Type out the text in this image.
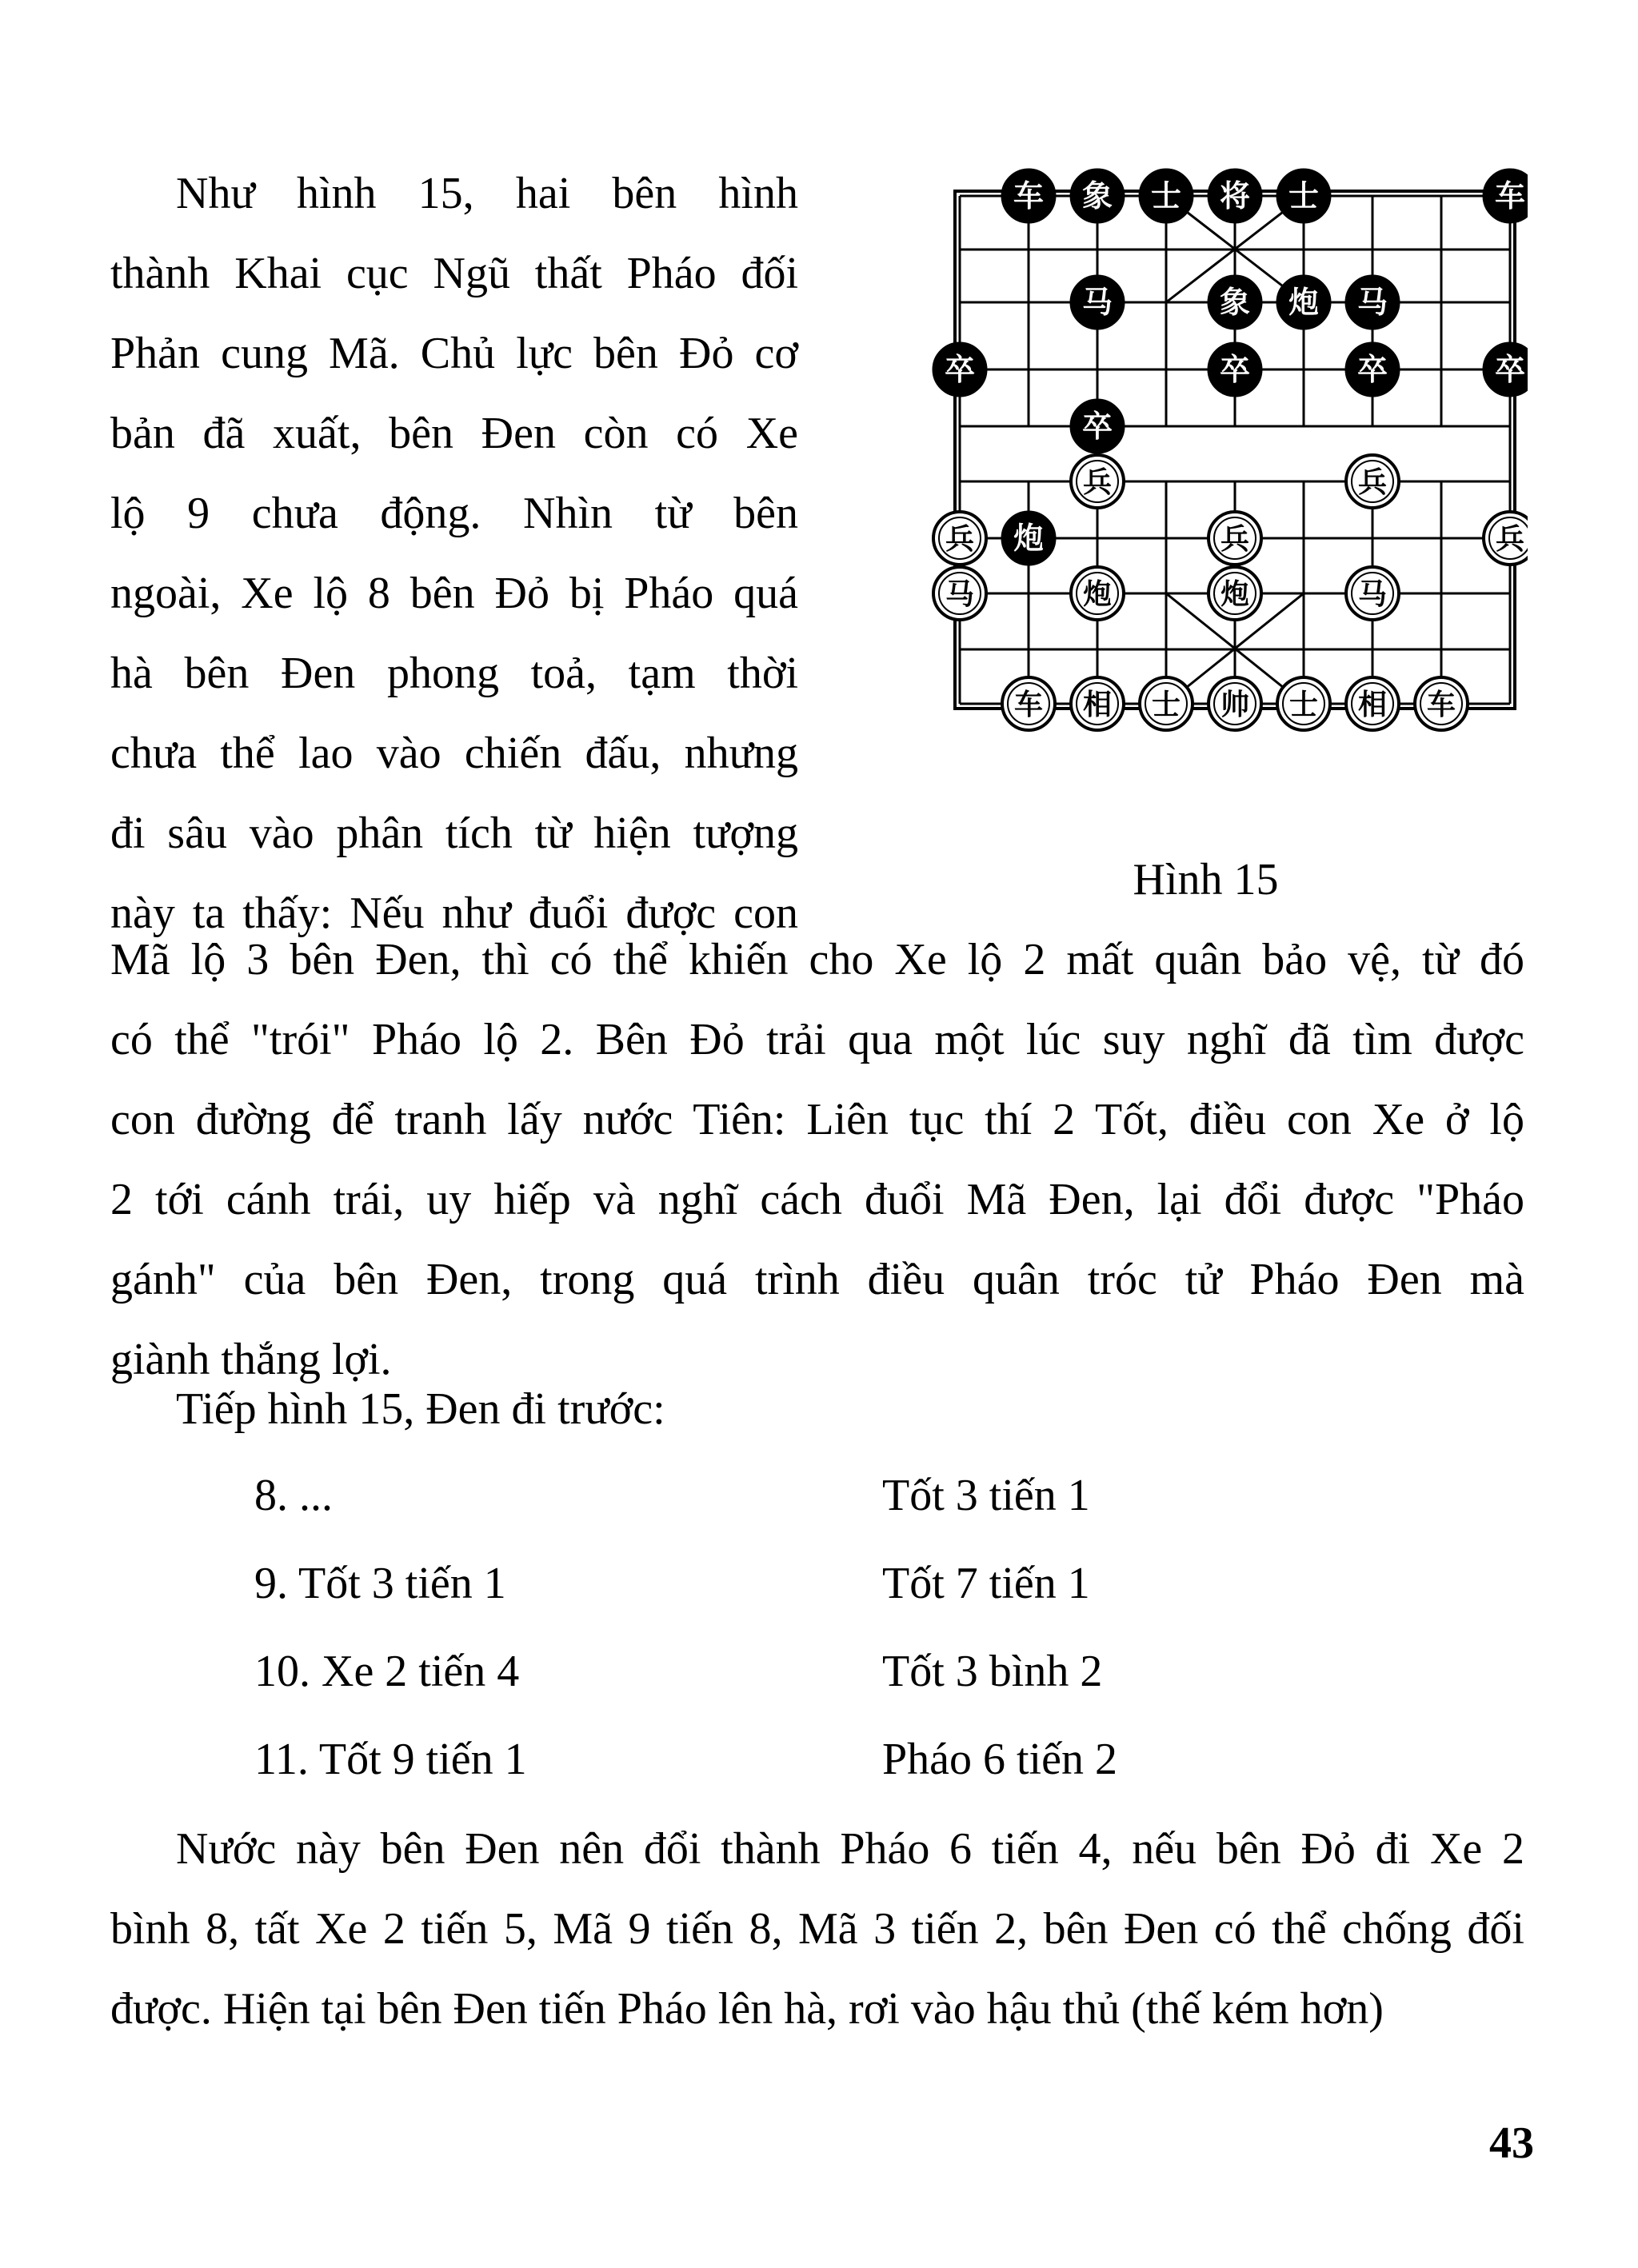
Như hình 15, hai bên hình
thành Khai cục Ngũ thất Pháo đối
Phản cung Mã. Chủ lực bên Đỏ cơ
bản đã xuất, bên Đen còn có Xe
lộ 9 chưa động. Nhìn từ bên
ngoài, Xe lộ 8 bên Đỏ bị Pháo quá
hà bên Đen phong toả, tạm thời
chưa thể lao vào chiến đấu, nhưng
đi sâu vào phân tích từ hiện tượng
này ta thấy: Nếu như đuổi được con
车 象 士 将 士	车
马	象 炮 马
卒	卒	卒	卒
卒
兵	兵
兵 炮	兵	兵
马	炮	炮	马
车 相 士 帅 士 相 车
Hình 15
Mã lộ 3 bên Đen, thì có thể khiến cho Xe lộ 2 mất quân bảo vệ, từ đó
có thể "trói" Pháo lộ 2. Bên Đỏ trải qua một lúc suy nghĩ đã tìm được
con đường để tranh lấy nước Tiên: Liên tục thí 2 Tốt, điều con Xe ở lộ
2 tới cánh trái, uy hiếp và nghĩ cách đuổi Mã Đen, lại đổi được "Pháo
gánh" của bên Đen, trong quá trình điều quân tróc tử Pháo Đen mà
giành thắng lợi.

Tiếp hình 15, Đen đi trước:

8. ...	Tốt 3 tiến 1
9. Tốt 3 tiến 1	Tốt 7 tiến 1
10. Xe 2 tiến 4	Tốt 3 bình 2
11. Tốt 9 tiến 1	Pháo 6 tiến 2
Nước này bên Đen nên đổi thành Pháo 6 tiến 4, nếu bên Đỏ đi Xe 2
bình 8, tất Xe 2 tiến 5, Mã 9 tiến 8, Mã 3 tiến 2, bên Đen có thể chống đối
được. Hiện tại bên Đen tiến Pháo lên hà, rơi vào hậu thủ (thế kém hơn)
43
